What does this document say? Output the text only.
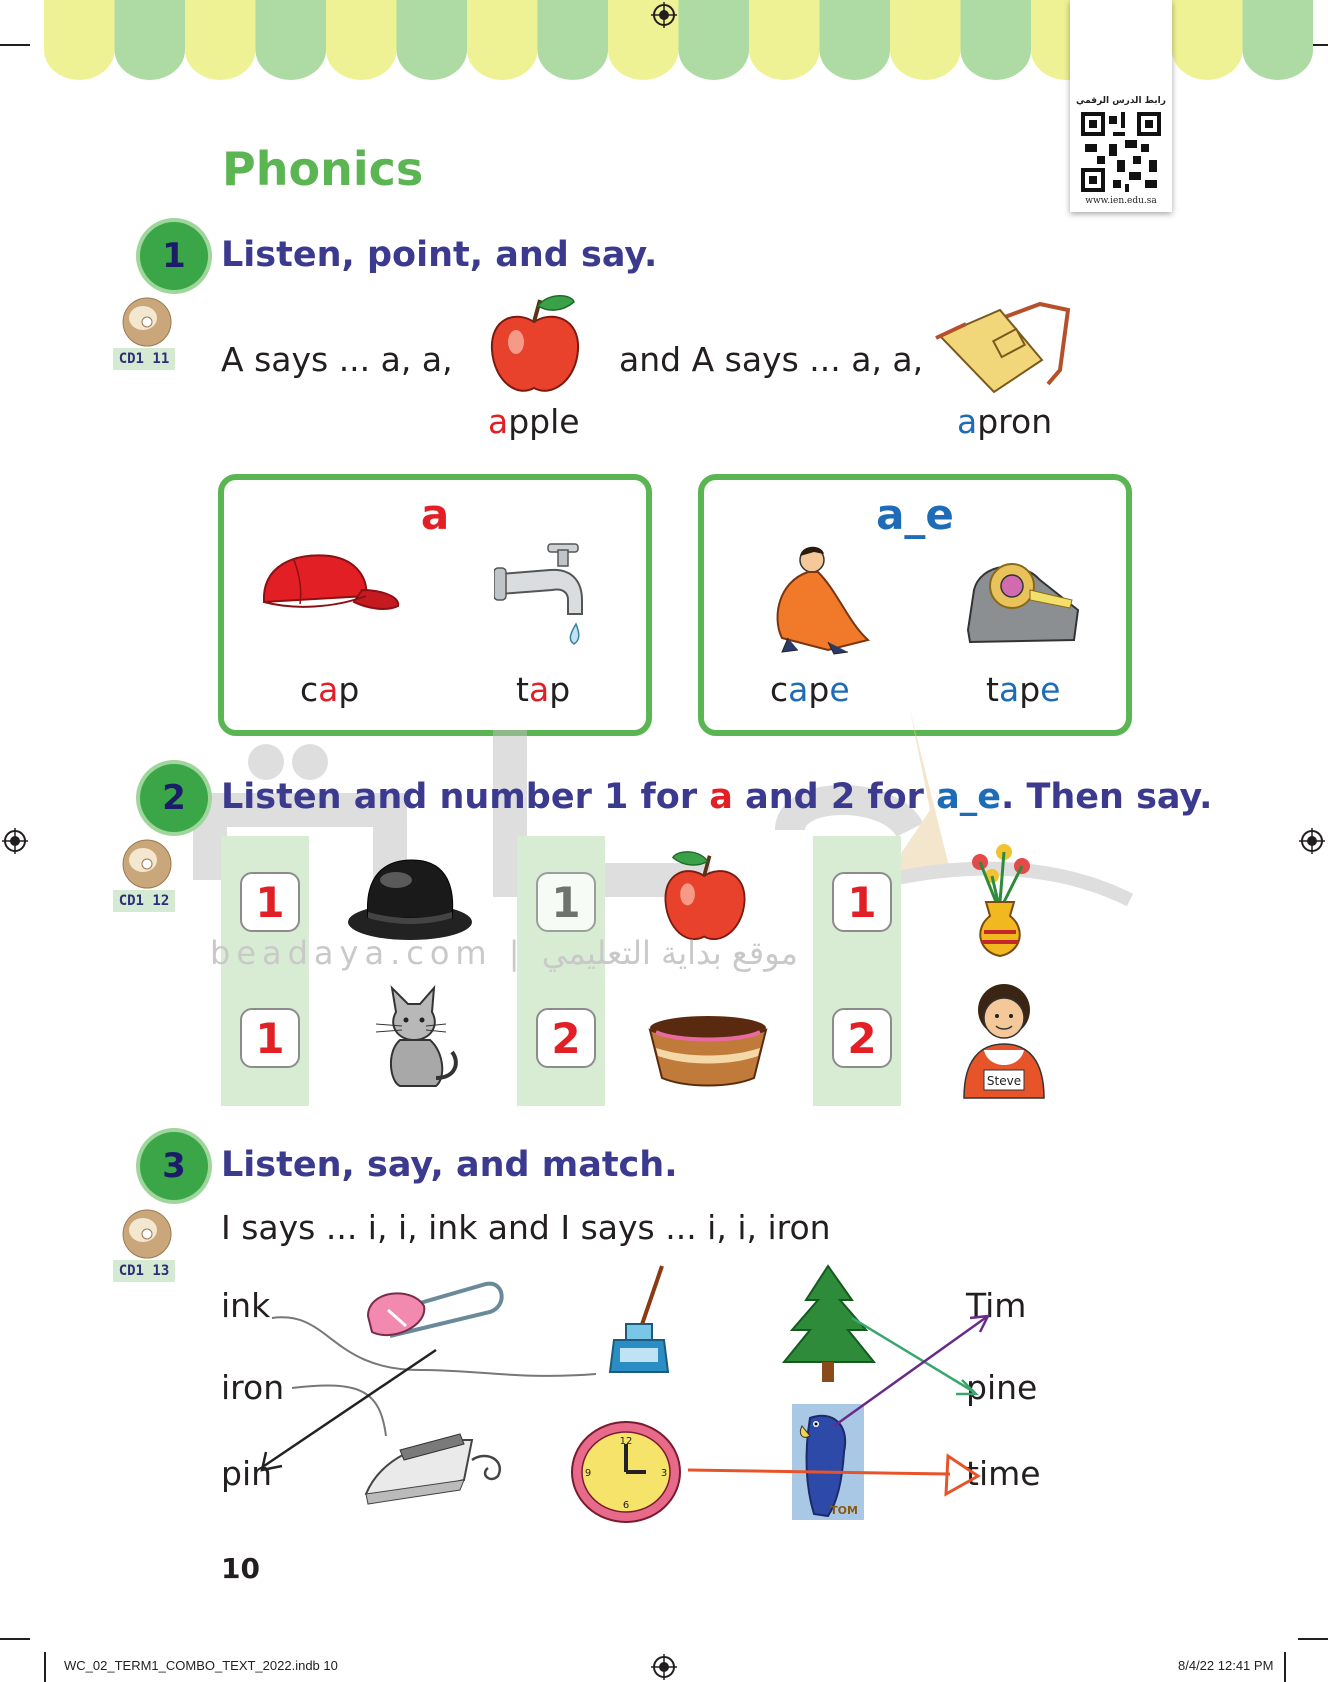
رابط الدرس الرقمي
www.ien.edu.sa
Phonics
1	Listen, point, and say.
CD1 11 A says ... a, a,
apple
and A says ... a, a,
apron
a
cap	tap
a_e
cape	tape
2	Listen and number 1 for a and 2 for a_e. Then say.
CD1 12	1	1	1
1	2	2
Steve
beadaya.com | موقع بداية التعليمي
3	Listen, say, and match.
CD1 13
I says ... i, i, ink and I says ... i, i, iron
ink
iron
pin
Tim
pine
time
12
3
6
9
TOM
10
WC_02_TERM1_COMBO_TEXT_2022.indb 10	8/4/22 12:41 PM
